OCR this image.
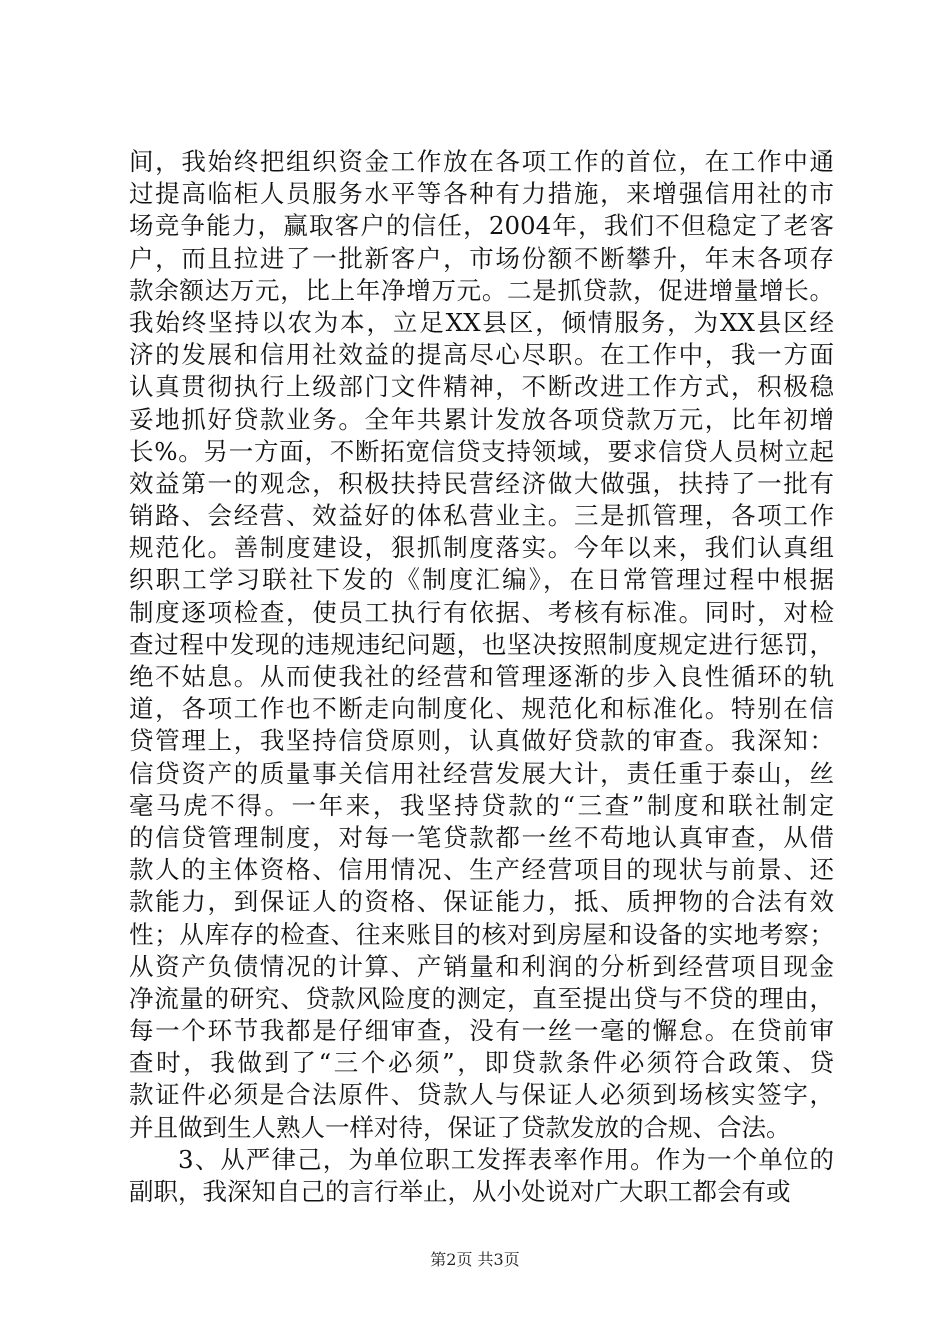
间，我始终把组织资金工作放在各项工作的首位，在工作中通
过提高临柜人员服务水平等各种有力措施，来增强信用社的市
场竞争能力，赢取客户的信任，2004年，我们不但稳定了老客
户，而且拉进了一批新客户，市场份额不断攀升，年末各项存
款余额达万元，比上年净增万元。二是抓贷款，促进增量增长。
我始终坚持以农为本，立足XX县区，倾情服务，为XX县区经
济的发展和信用社效益的提高尽心尽职。在工作中，我一方面
认真贯彻执行上级部门文件精神，不断改进工作方式，积极稳
妥地抓好贷款业务。全年共累计发放各项贷款万元，比年初增
长%。另一方面，不断拓宽信贷支持领域，要求信贷人员树立起
效益第一的观念，积极扶持民营经济做大做强，扶持了一批有
销路、会经营、效益好的体私营业主。三是抓管理，各项工作
规范化。善制度建设，狠抓制度落实。今年以来，我们认真组
织职工学习联社下发的《制度汇编》，在日常管理过程中根据
制度逐项检查，使员工执行有依据、考核有标准。同时，对检
查过程中发现的违规违纪问题，也坚决按照制度规定进行惩罚，
绝不姑息。从而使我社的经营和管理逐渐的步入良性循环的轨
道，各项工作也不断走向制度化、规范化和标准化。特别在信
贷管理上，我坚持信贷原则，认真做好贷款的审查。我深知：
信贷资产的质量事关信用社经营发展大计，责任重于泰山，丝
毫马虎不得。一年来，我坚持贷款的“三查”制度和联社制定
的信贷管理制度，对每一笔贷款都一丝不苟地认真审查，从借
款人的主体资格、信用情况、生产经营项目的现状与前景、还
款能力，到保证人的资格、保证能力，抵、质押物的合法有效
性；从库存的检查、往来账目的核对到房屋和设备的实地考察；
从资产负债情况的计算、产销量和利润的分析到经营项目现金
净流量的研究、贷款风险度的测定，直至提出贷与不贷的理由，
每一个环节我都是仔细审查，没有一丝一毫的懈怠。在贷前审
查时，我做到了“三个必须”，即贷款条件必须符合政策、贷
款证件必须是合法原件、贷款人与保证人必须到场核实签字，
并且做到生人熟人一样对待，保证了贷款发放的合规、合法。
3、从严律己，为单位职工发挥表率作用。作为一个单位的
副职，我深知自己的言行举止，从小处说对广大职工都会有或
第2页 共3页
